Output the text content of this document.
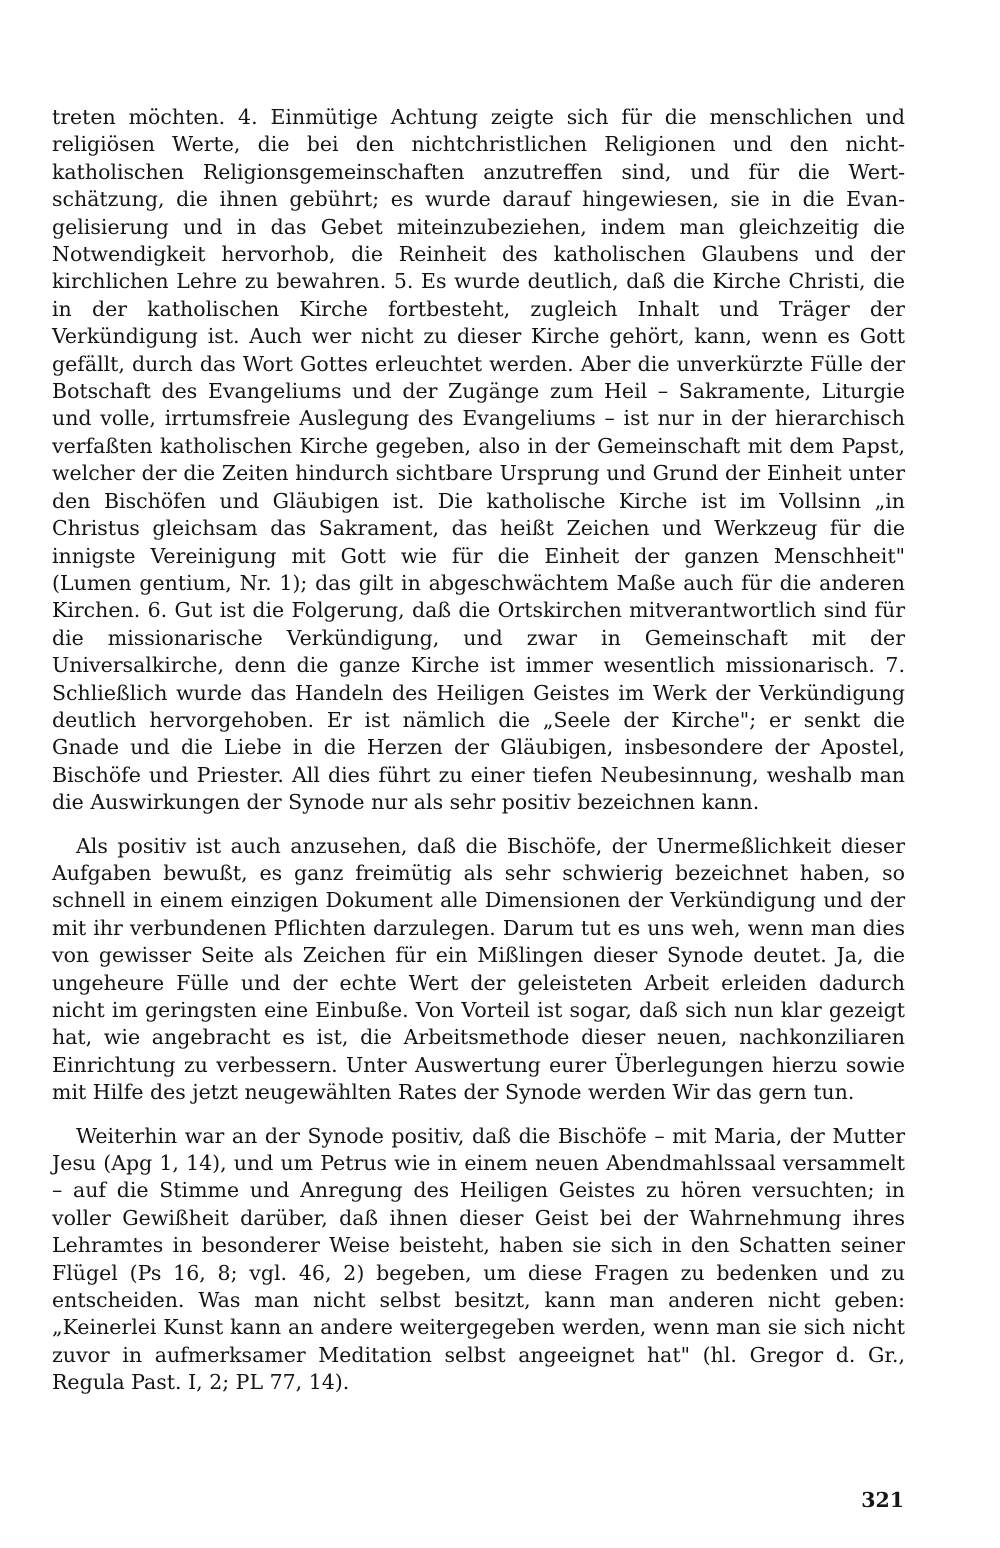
treten möchten. 4. Einmütige Achtung zeigte sich für die menschlichen und religiösen Werte, die bei den nichtchristlichen Religionen und den nichtkatholischen Religionsgemeinschaften anzutreffen sind, und für die Wertschätzung, die ihnen gebührt; es wurde darauf hingewiesen, sie in die Evangelisierung und in das Gebet miteinzubeziehen, indem man gleichzeitig die Notwendigkeit hervorhob, die Reinheit des katholischen Glaubens und der kirchlichen Lehre zu bewahren. 5. Es wurde deutlich, daß die Kirche Christi, die in der katholischen Kirche fortbesteht, zugleich Inhalt und Träger der Verkündigung ist. Auch wer nicht zu dieser Kirche gehört, kann, wenn es Gott gefällt, durch das Wort Gottes erleuchtet werden. Aber die unverkürzte Fülle der Botschaft des Evangeliums und der Zugänge zum Heil – Sakramente, Liturgie und volle, irrtumsfreie Auslegung des Evangeliums – ist nur in der hierarchisch verfaßten katholischen Kirche gegeben, also in der Gemeinschaft mit dem Papst, welcher der die Zeiten hindurch sichtbare Ursprung und Grund der Einheit unter den Bischöfen und Gläubigen ist. Die katholische Kirche ist im Vollsinn „in Christus gleichsam das Sakrament, das heißt Zeichen und Werkzeug für die innigste Vereinigung mit Gott wie für die Einheit der ganzen Menschheit" (Lumen gentium, Nr. 1); das gilt in abgeschwächtem Maße auch für die anderen Kirchen. 6. Gut ist die Folgerung, daß die Ortskirchen mitverantwortlich sind für die missionarische Verkündigung, und zwar in Gemeinschaft mit der Universalkirche, denn die ganze Kirche ist immer wesentlich missionarisch. 7. Schließlich wurde das Handeln des Heiligen Geistes im Werk der Verkündigung deutlich hervorgehoben. Er ist nämlich die „Seele der Kirche"; er senkt die Gnade und die Liebe in die Herzen der Gläubigen, insbesondere der Apostel, Bischöfe und Priester. All dies führt zu einer tiefen Neubesinnung, weshalb man die Auswirkungen der Synode nur als sehr positiv bezeichnen kann.

Als positiv ist auch anzusehen, daß die Bischöfe, der Unermeßlichkeit dieser Aufgaben bewußt, es ganz freimütig als sehr schwierig bezeichnet haben, so schnell in einem einzigen Dokument alle Dimensionen der Verkündigung und der mit ihr verbundenen Pflichten darzulegen. Darum tut es uns weh, wenn man dies von gewisser Seite als Zeichen für ein Mißlingen dieser Synode deutet. Ja, die ungeheure Fülle und der echte Wert der geleisteten Arbeit erleiden dadurch nicht im geringsten eine Einbuße. Von Vorteil ist sogar, daß sich nun klar gezeigt hat, wie angebracht es ist, die Arbeitsmethode dieser neuen, nachkonziliaren Einrichtung zu verbessern. Unter Auswertung eurer Überlegungen hierzu sowie mit Hilfe des jetzt neugewählten Rates der Synode werden Wir das gern tun.

Weiterhin war an der Synode positiv, daß die Bischöfe – mit Maria, der Mutter Jesu (Apg 1, 14), und um Petrus wie in einem neuen Abendmahlssaal versammelt – auf die Stimme und Anregung des Heiligen Geistes zu hören versuchten; in voller Gewißheit darüber, daß ihnen dieser Geist bei der Wahrnehmung ihres Lehramtes in besonderer Weise beisteht, haben sie sich in den Schatten seiner Flügel (Ps 16, 8; vgl. 46, 2) begeben, um diese Fragen zu bedenken und zu entscheiden. Was man nicht selbst besitzt, kann man anderen nicht geben: „Keinerlei Kunst kann an andere weitergegeben werden, wenn man sie sich nicht zuvor in aufmerksamer Meditation selbst angeeignet hat" (hl. Gregor d. Gr., Regula Past. I, 2; PL 77, 14).

321
